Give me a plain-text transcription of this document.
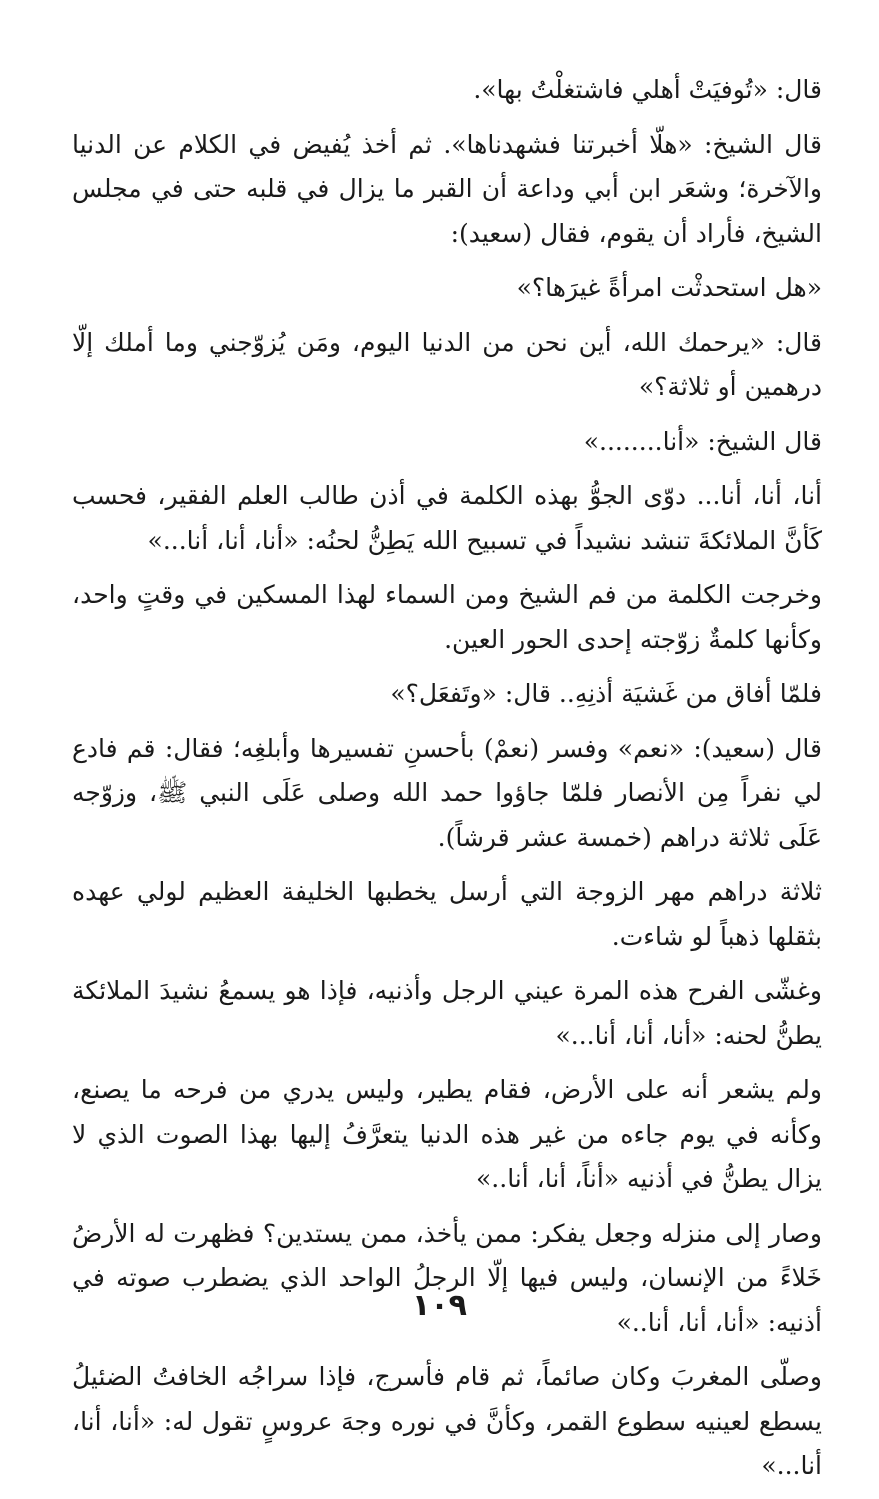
قال: «تُوفيَتْ أهلي فاشتغلْتُ بها».

قال الشيخ: «هلّا أخبرتنا فشهدناها». ثم أخذ يُفيض في الكلام عن الدنيا والآخرة؛ وشعَر ابن أبي وداعة أن القبر ما يزال في قلبه حتى في مجلس الشيخ، فأراد أن يقوم، فقال (سعيد):

«هل استحدثْت امرأةً غيرَها؟»

قال: «يرحمك الله، أين نحن من الدنيا اليوم، ومَن يُزوّجني وما أملك إلّا درهمين أو ثلاثة؟»

قال الشيخ: «أنا........»

أنا، أنا، أنا... دوّى الجوُّ بهذه الكلمة في أذن طالب العلم الفقير، فحسب كَأنَّ الملائكةَ تنشد نشيداً في تسبيح الله يَطِنُّ لحنُه: «أنا، أنا، أنا...»

وخرجت الكلمة من فم الشيخ ومن السماء لهذا المسكين في وقتٍ واحد، وكأنها كلمةٌ زوّجته إحدى الحور العين.

فلمّا أفاق من غَشيَة أذنِهِ.. قال: «وتَفعَل؟»

قال (سعيد): «نعم» وفسر (نعمْ) بأحسنِ تفسيرها وأبلغِه؛ فقال: قم فادع لي نفراً مِن الأنصار فلمّا جاؤوا حمد الله وصلى عَلَى النبي ﷺ، وزوّجه عَلَى ثلاثة دراهم (خمسة عشر قرشاً).

ثلاثة دراهم مهر الزوجة التي أرسل يخطبها الخليفة العظيم لولي عهده بثقلها ذهباً لو شاءت.

وغشّى الفرح هذه المرة عيني الرجل وأذنيه، فإذا هو يسمعُ نشيدَ الملائكة يطنُّ لحنه: «أنا، أنا، أنا...»

ولم يشعر أنه على الأرض، فقام يطير، وليس يدري من فرحه ما يصنع، وكأنه في يوم جاءه من غير هذه الدنيا يتعرَّفُ إليها بهذا الصوت الذي لا يزال يطنُّ في أذنيه «أناً، أنا، أنا..»

وصار إلى منزله وجعل يفكر: ممن يأخذ، ممن يستدين؟ فظهرت له الأرضُ خَلاءً من الإنسان، وليس فيها إلّا الرجلُ الواحد الذي يضطرب صوته في أذنيه: «أنا، أنا، أنا..»

وصلّى المغربَ وكان صائماً، ثم قام فأسرج، فإذا سراجُه الخافتُ الضئيلُ يسطع لعينيه سطوع القمر، وكأنَّ في نوره وجهَ عروسٍ تقول له: «أنا، أنا، أنا...»

١٠٩
